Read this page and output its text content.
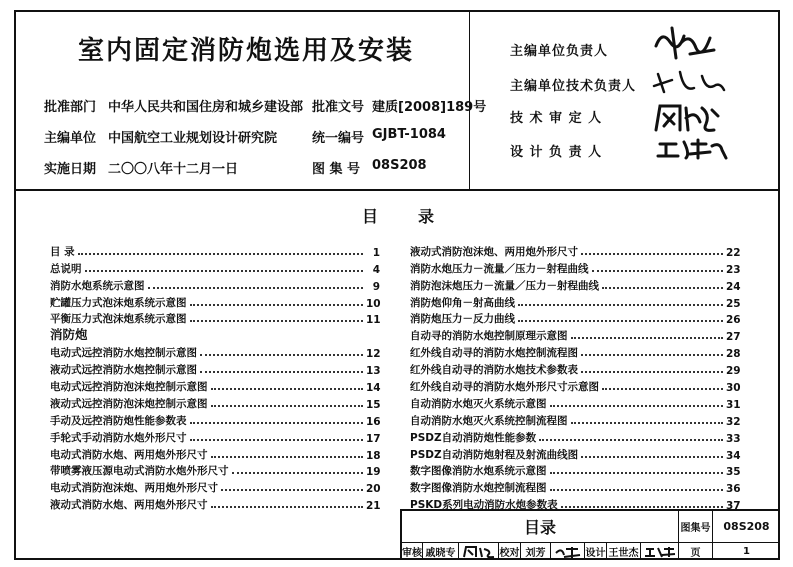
室内固定消防炮选用及安装
批准部门 中华人民共和国住房和城乡建设部 批准文号 建质[2008]189号
主编单位 中国航空工业规划设计研究院	统一编号 GJBT-1084
实施日期 二〇〇八年十二月一日	图 集 号 08S208
主编单位负责人
主编单位技术负责人
技 术 审 定 人
设 计 负 责 人
目 录
目 录	1
总说明	4
消防水炮系统示意图	9
贮罐压力式泡沫炮系统示意图	10
平衡压力式泡沫炮系统示意图	11
消防炮
电动式远控消防水炮控制示意图	12
液动式远控消防水炮控制示意图	13
电动式远控消防泡沫炮控制示意图	14
液动式远控消防泡沫炮控制示意图	15
手动及远控消防炮性能参数表	16
手轮式手动消防水炮外形尺寸	17
电动式消防水炮、两用炮外形尺寸	18
带喷雾液压源电动式消防水炮外形尺寸	19
电动式消防泡沫炮、两用炮外形尺寸	20
液动式消防水炮、两用炮外形尺寸	21
液动式消防泡沫炮、两用炮外形尺寸	22
消防水炮压力－流量／压力－射程曲线	23
消防泡沫炮压力－流量／压力－射程曲线	24
消防炮仰角－射高曲线	25
消防炮压力－反力曲线	26
自动寻的消防水炮控制原理示意图	27
红外线自动寻的消防水炮控制流程图	28
红外线自动寻的消防水炮技术参数表	29
红外线自动寻的消防水炮外形尺寸示意图	30
自动消防水炮灭火系统示意图	31
自动消防水炮灭火系统控制流程图	32
PSDZ自动消防炮性能参数	33
PSDZ自动消防炮射程及射流曲线图	34
数字图像消防水炮系统示意图	35
数字图像消防水炮控制流程图	36
PSKD系列电动消防水炮参数表	37
目录	图集号	08S208
审核 戚晓专	校对 刘芳	设计 王世杰	页	1
